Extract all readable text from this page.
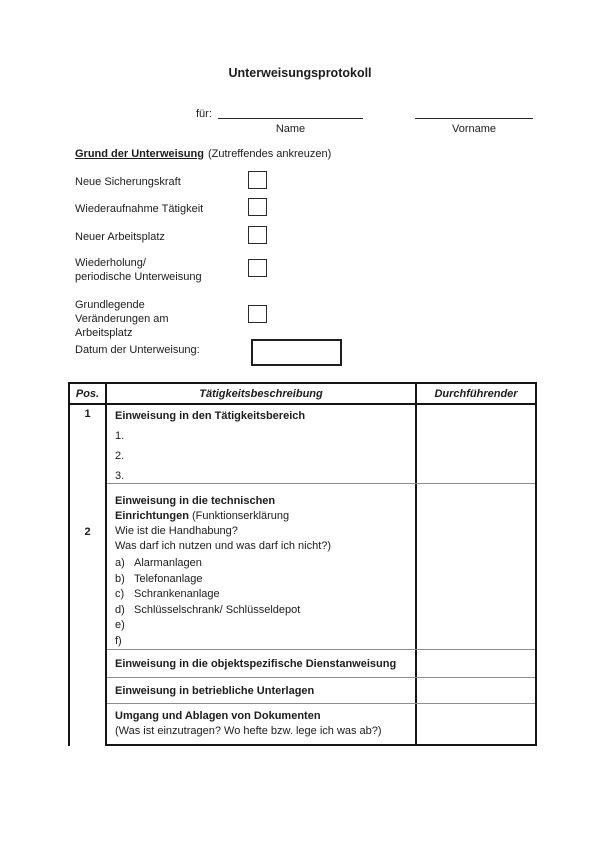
Unterweisungsprotokoll
für:
Name	Vorname
Grund der Unterweisung (Zutreffendes ankreuzen)
Neue Sicherungskraft
Wiederaufnahme Tätigkeit
Neuer Arbeitsplatz
Wiederholung/
periodische Unterweisung
Grundlegende
Veränderungen am
Arbeitsplatz
Datum der Unterweisung:
Pos.
1
2
Tätigkeitsbeschreibung	Durchführender
Einweisung in den Tätigkeitsbereich
1.
2.
3.

Einweisung in die technischen Einrichtungen (Funktionserklärung

Wie ist die Handhabung?

Was darf ich nutzen und was darf ich nicht?)

a) Alarmanlagen
b) Telefonanlage
c) Schrankenanlage
d) Schlüsselschrank/ Schlüsseldepot
e)
f)
Einweisung in die objektspezifische Dienstanweisung
Einweisung in betriebliche Unterlagen

Umgang und Ablagen von Dokumenten

(Was ist einzutragen? Wo hefte bzw. lege ich was ab?)
